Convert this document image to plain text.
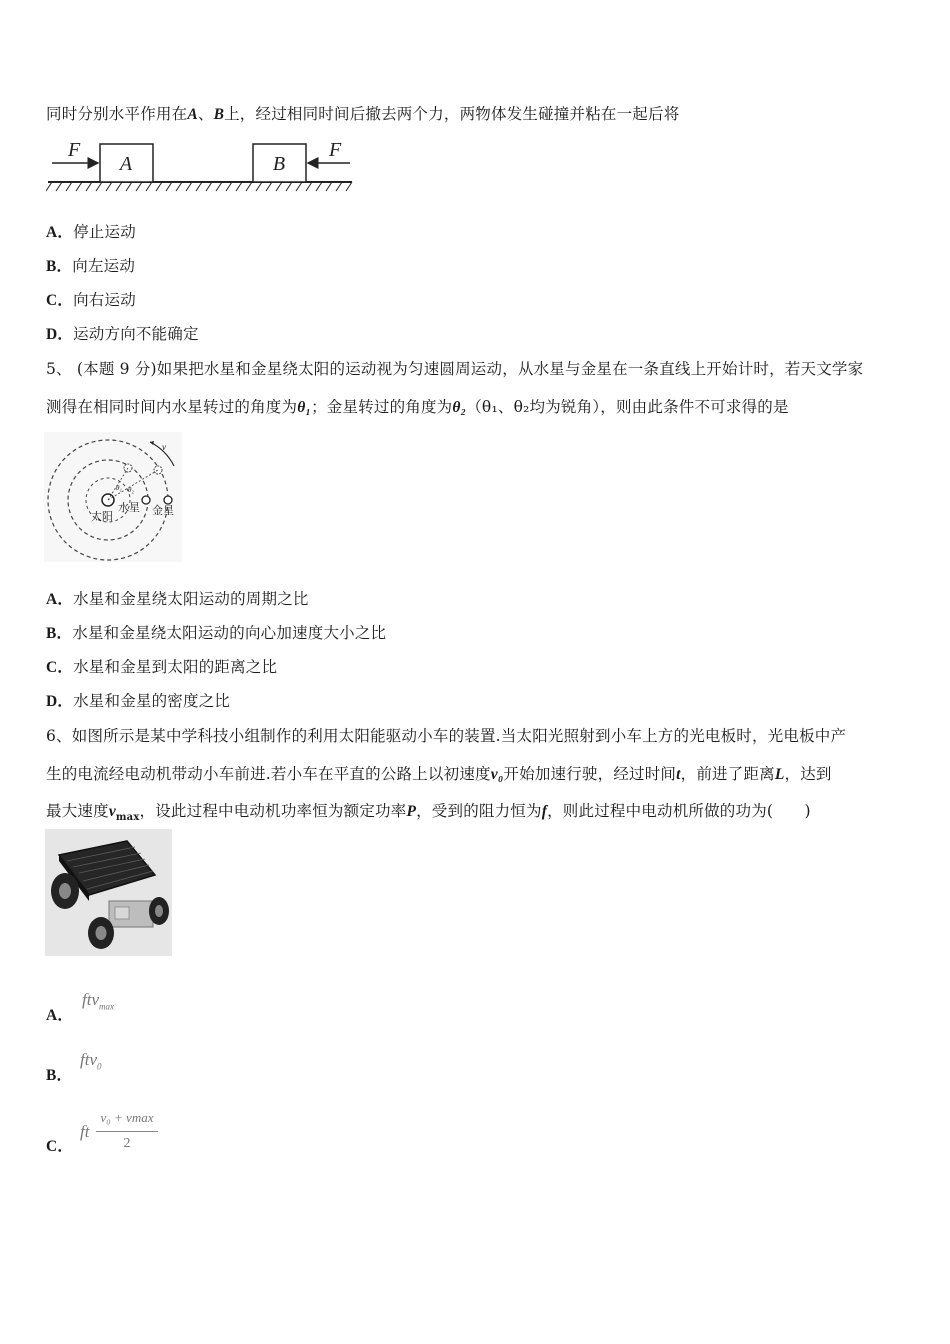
同时分别水平作用在A、B上，经过相同时间后撤去两个力，两物体发生碰撞并粘在一起后将
A	B
F	F
A．停止运动
B．向左运动
C．向右运动
D．运动方向不能确定
5、 (本题 9 分)如果把水星和金星绕太阳的运动视为匀速圆周运动，从水星与金星在一条直线上开始计时，若天文学家
测得在相同时间内水星转过的角度为θ₁；金星转过的角度为θ₂（θ₁、θ₂均为锐角），则由此条件不可求得的是
v
θ₁ θ₂
太阳
水星 金星
A．水星和金星绕太阳运动的周期之比
B．水星和金星绕太阳运动的向心加速度大小之比
C．水星和金星到太阳的距离之比
D．水星和金星的密度之比
6、如图所示是某中学科技小组制作的利用太阳能驱动小车的装置.当太阳光照射到小车上方的光电板时，光电板中产
生的电流经电动机带动小车前进.若小车在平直的公路上以初速度v₀开始加速行驶，经过时间t，前进了距离L，达到
最大速度$v_{max}$，设此过程中电动机功率恒为额定功率P，受到的阻力恒为f，则此过程中电动机所做的功为(　　)
A．
ftv$_{max}$
B．
ftv$_0$
C．
ft
v₀ + vmax
2
